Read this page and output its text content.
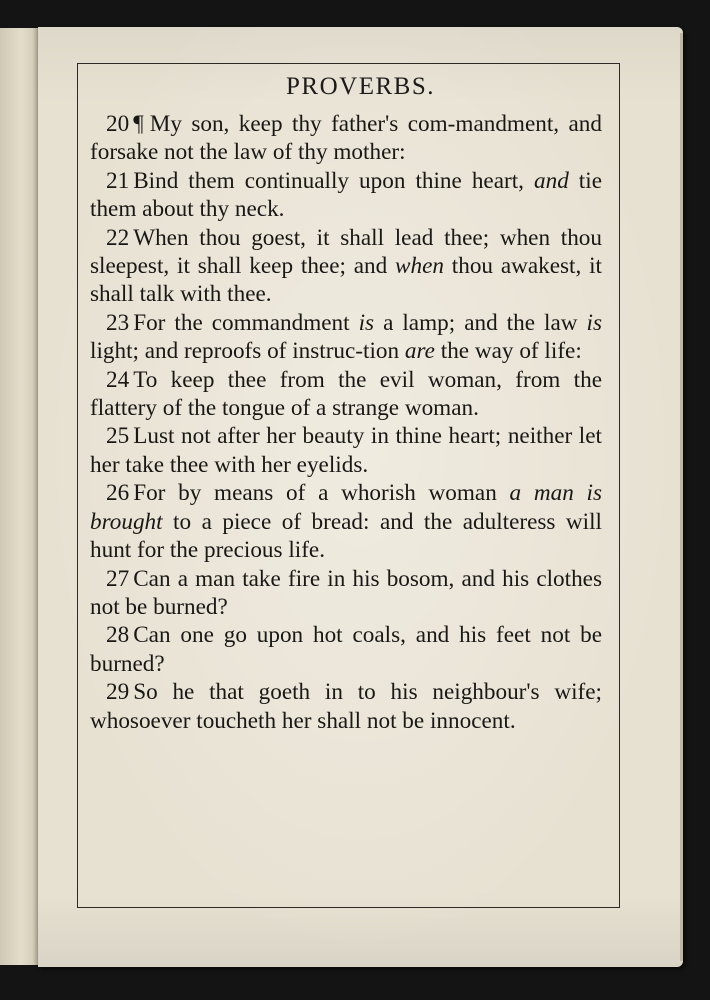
PROVERBS.

20 ¶ My son, keep thy father's com-mandment, and forsake not the law of thy mother:

21 Bind them continually upon thine heart, and tie them about thy neck.

22 When thou goest, it shall lead thee; when thou sleepest, it shall keep thee; and when thou awakest, it shall talk with thee.

23 For the commandment is a lamp; and the law is light; and reproofs of instruc-tion are the way of life:

24 To keep thee from the evil woman, from the flattery of the tongue of a strange woman.

25 Lust not after her beauty in thine heart; neither let her take thee with her eyelids.

26 For by means of a whorish woman a man is brought to a piece of bread: and the adulteress will hunt for the precious life.

27 Can a man take fire in his bosom, and his clothes not be burned?

28 Can one go upon hot coals, and his feet not be burned?

29 So he that goeth in to his neighbour's wife; whosoever toucheth her shall not be innocent.
